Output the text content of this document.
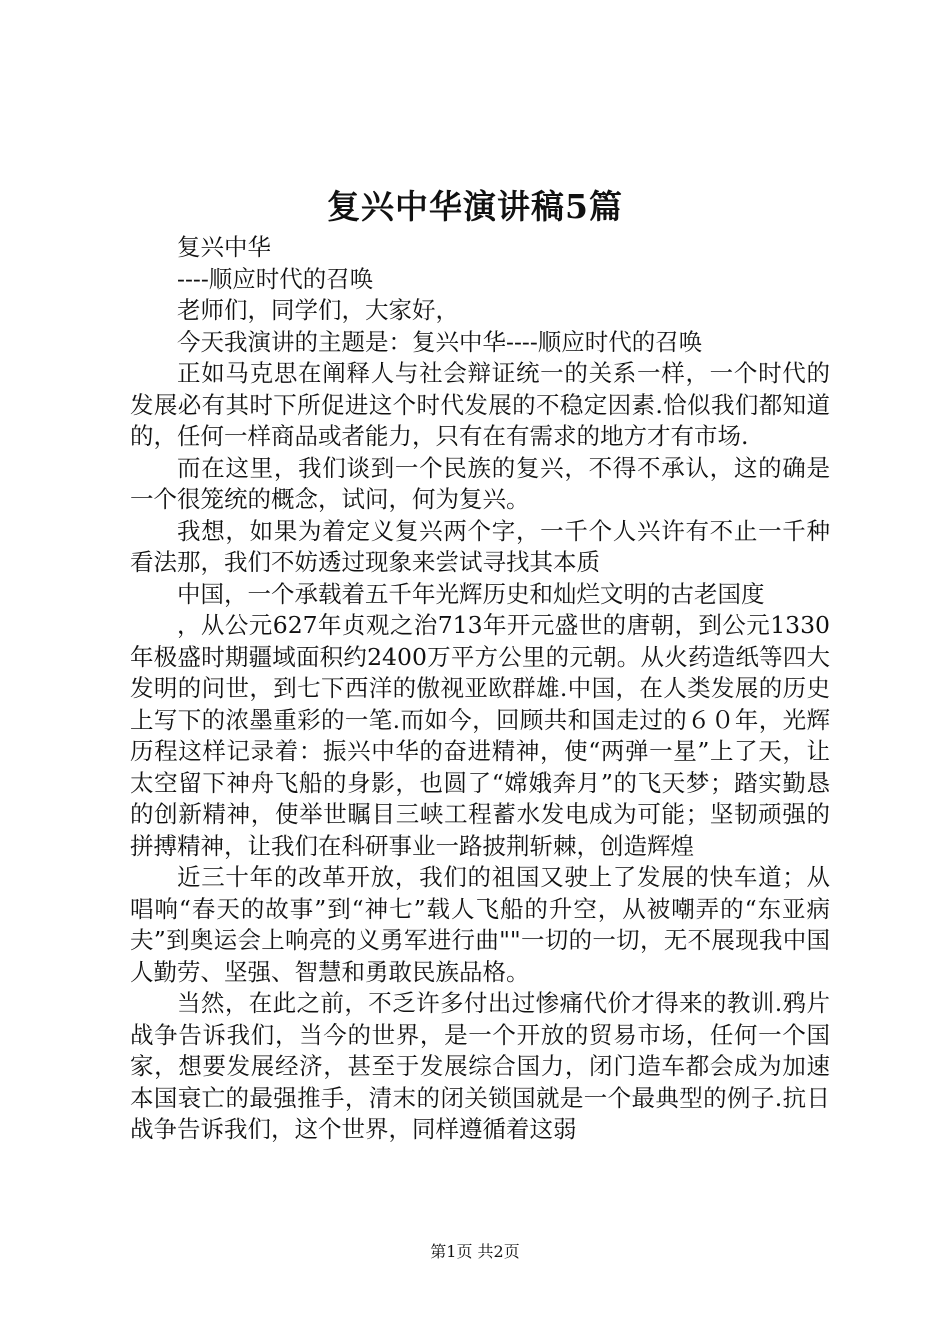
复兴中华演讲稿5篇

复兴中华

----顺应时代的召唤

老师们，同学们，大家好，

今天我演讲的主题是：复兴中华----顺应时代的召唤

正如马克思在阐释人与社会辩证统一的关系一样，一个时代的发展必有其时下所促进这个时代发展的不稳定因素.恰似我们都知道的，任何一样商品或者能力，只有在有需求的地方才有市场.

而在这里，我们谈到一个民族的复兴，不得不承认，这的确是一个很笼统的概念，试问，何为复兴。

我想，如果为着定义复兴两个字，一千个人兴许有不止一千种看法那，我们不妨透过现象来尝试寻找其本质

中国，一个承载着五千年光辉历史和灿烂文明的古老国度

，从公元627年贞观之治713年开元盛世的唐朝，到公元1330年极盛时期疆域面积约2400万平方公里的元朝。从火药造纸等四大发明的问世，到七下西洋的傲视亚欧群雄.中国，在人类发展的历史上写下的浓墨重彩的一笔.而如今，回顾共和国走过的６０年，光辉历程这样记录着：振兴中华的奋进精神，使“两弹一星”上了天，让太空留下神舟飞船的身影，也圆了“嫦娥奔月”的飞天梦；踏实勤恳的创新精神，使举世瞩目三峡工程蓄水发电成为可能；坚韧顽强的拼搏精神，让我们在科研事业一路披荆斩棘，创造辉煌

近三十年的改革开放，我们的祖国又驶上了发展的快车道；从唱响“春天的故事”到“神七”载人飞船的升空，从被嘲弄的“东亚病夫”到奥运会上响亮的义勇军进行曲""一切的一切，无不展现我中国人勤劳、坚强、智慧和勇敢民族品格。

当然，在此之前，不乏许多付出过惨痛代价才得来的教训.鸦片战争告诉我们，当今的世界，是一个开放的贸易市场，任何一个国家，想要发展经济，甚至于发展综合国力，闭门造车都会成为加速本国衰亡的最强推手，清末的闭关锁国就是一个最典型的例子.抗日战争告诉我们，这个世界，同样遵循着这弱

第1页 共2页
